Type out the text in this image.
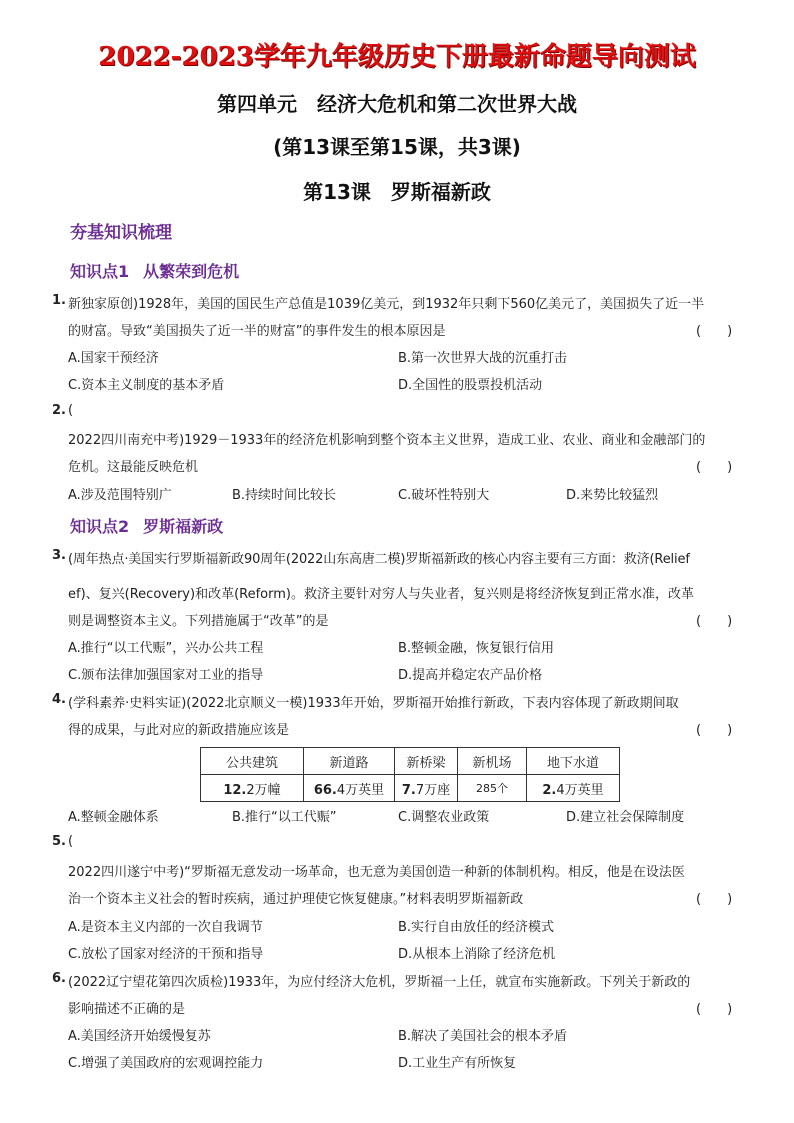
2022-2023学年九年级历史下册最新命题导向测试
第四单元　经济大危机和第二次世界大战
(第13课至第15课，共3课)
第13课　罗斯福新政
夯基知识梳理
知识点1 从繁荣到危机
1. 新独家原创)1928年，美国的国民生产总值是1039亿美元，到1932年只剩下560亿美元了，美国损失了近一半
的财富。导致“美国损失了近一半的财富”的事件发生的根本原因是	(　　)
A.国家干预经济	B.第一次世界大战的沉重打击
C.资本主义制度的基本矛盾	D.全国性的股票投机活动
2. (
2022四川南充中考)1929－1933年的经济危机影响到整个资本主义世界，造成工业、农业、商业和金融部门的
危机。这最能反映危机	(　　)
A.涉及范围特别广	B.持续时间比较长	C.破坏性特别大	D.来势比较猛烈
知识点2 罗斯福新政
3. (周年热点·美国实行罗斯福新政90周年(2022山东高唐二模)罗斯福新政的核心内容主要有三方面：救济(Relief
ef)、复兴(Recovery)和改革(Reform)。救济主要针对穷人与失业者，复兴则是将经济恢复到正常水准，改革
则是调整资本主义。下列措施属于“改革”的是	(　　)
A.推行“以工代赈”，兴办公共工程	B.整顿金融，恢复银行信用
C.颁布法律加强国家对工业的指导	D.提高并稳定农产品价格
4. (学科素养·史料实证)(2022北京顺义一模)1933年开始，罗斯福开始推行新政，下表内容体现了新政期间取
得的成果，与此对应的新政措施应该是	(　　)
公共建筑	新道路	新桥梁	新机场	地下水道
12.2万幢	66.4万英里	7.7万座	285个	2.4万英里
A.整顿金融体系	B.推行“以工代赈”	C.调整农业政策	D.建立社会保障制度
5. (
2022四川遂宁中考)“罗斯福无意发动一场革命，也无意为美国创造一种新的体制机构。相反，他是在设法医
治一个资本主义社会的暂时疾病，通过护理使它恢复健康。”材料表明罗斯福新政	(　　)
A.是资本主义内部的一次自我调节	B.实行自由放任的经济模式
C.放松了国家对经济的干预和指导	D.从根本上消除了经济危机
6. (2022辽宁望花第四次质检)1933年，为应付经济大危机，罗斯福一上任，就宣布实施新政。下列关于新政的
影响描述不正确的是	(　　)
A.美国经济开始缓慢复苏	B.解决了美国社会的根本矛盾
C.增强了美国政府的宏观调控能力	D.工业生产有所恢复
